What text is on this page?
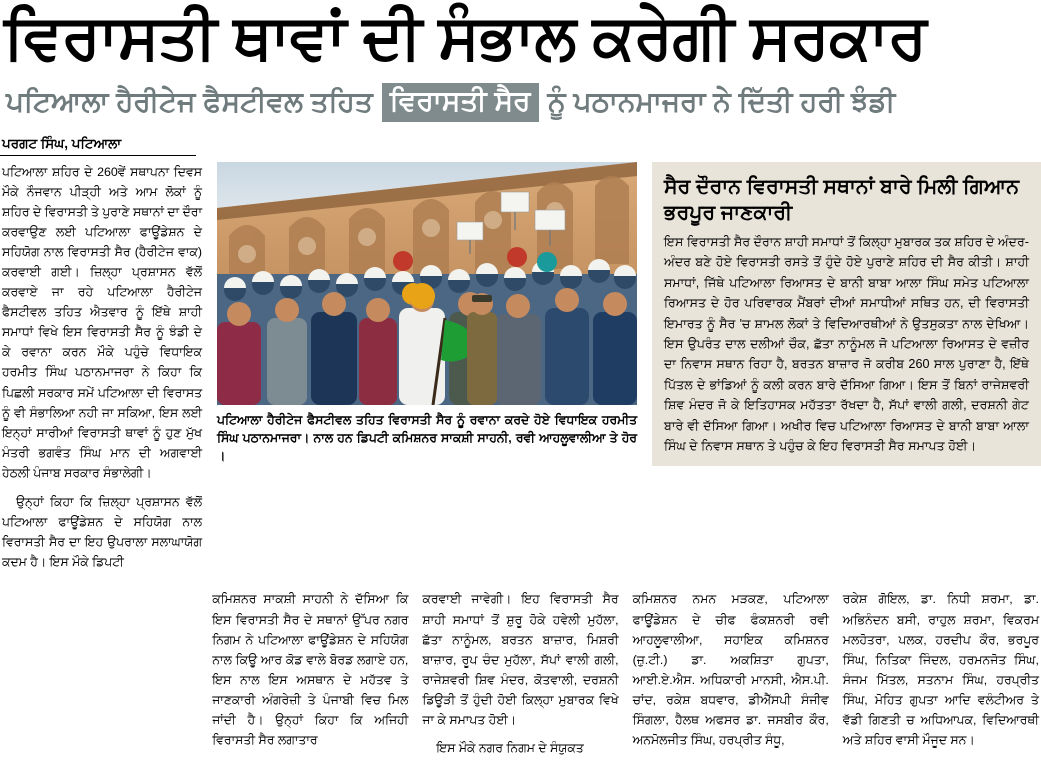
ਵਿਰਾਸਤੀ ਥਾਵਾਂ ਦੀ ਸੰਭਾਲ ਕਰੇਗੀ ਸਰਕਾਰ
ਪਟਿਆਲਾ ਹੈਰੀਟੇਜ ਫੈਸਟੀਵਲ ਤਹਿਤ ਵਿਰਾਸਤੀ ਸੈਰ ਨੂੰ ਪਠਾਨਮਾਜਰਾ ਨੇ ਦਿੱਤੀ ਹਰੀ ਝੰਡੀ
ਪਰਗਟ ਸਿੰਘ, ਪਟਿਆਲਾ

ਪਟਿਆਲਾ ਸ਼ਹਿਰ ਦੇ 260ਵੇਂ ਸਥਾਪਨਾ ਦਿਵਸ ਮੌਕੇ ਨੌਜਵਾਨ ਪੀੜ੍ਹੀ ਅਤੇ ਆਮ ਲੋਕਾਂ ਨੂੰ ਸ਼ਹਿਰ ਦੇ ਵਿਰਾਸਤੀ ਤੇ ਪੁਰਾਣੇ ਸਥਾਨਾਂ ਦਾ ਦੌਰਾ ਕਰਵਾਉਣ ਲਈ ਪਟਿਆਲਾ ਫਾਊਂਡੇਸ਼ਨ ਦੇ ਸਹਿਯੋਗ ਨਾਲ ਵਿਰਾਸਤੀ ਸੈਰ (ਹੈਰੀਟੇਜ ਵਾਕ) ਕਰਵਾਈ ਗਈ। ਜ਼ਿਲ੍ਹਾ ਪ੍ਰਸ਼ਾਸਨ ਵੱਲੋਂ ਕਰਵਾਏ ਜਾ ਰਹੇ ਪਟਿਆਲਾ ਹੈਰੀਟੇਜ ਫੈਸਟੀਵਲ ਤਹਿਤ ਐਤਵਾਰ ਨੂੰ ਇੱਥੇ ਸ਼ਾਹੀ ਸਮਾਧਾਂ ਵਿਖੇ ਇਸ ਵਿਰਾਸਤੀ ਸੈਰ ਨੂੰ ਝੰਡੀ ਦੇ ਕੇ ਰਵਾਨਾ ਕਰਨ ਮੌਕੇ ਪਹੁੰਚੇ ਵਿਧਾਇਕ ਹਰਮੀਤ ਸਿੰਘ ਪਠਾਨਮਾਜਰਾ ਨੇ ਕਿਹਾ ਕਿ ਪਿਛਲੀ ਸਰਕਾਰ ਸਮੇਂ ਪਟਿਆਲਾ ਦੀ ਵਿਰਾਸਤ ਨੂੰ ਵੀ ਸੰਭਾਲਿਆ ਨਹੀ ਜਾ ਸਕਿਆ, ਇਸ ਲਈ ਇਨ੍ਹਾਂ ਸਾਰੀਆਂ ਵਿਰਾਸਤੀ ਥਾਵਾਂ ਨੂੰ ਹੁਣ ਮੁੱਖ ਮੰਤਰੀ ਭਗਵੰਤ ਸਿੰਘ ਮਾਨ ਦੀ ਅਗਵਾਈ ਹੇਠਲੀ ਪੰਜਾਬ ਸਰਕਾਰ ਸੰਭਾਲੇਗੀ।

ਉਨ੍ਹਾਂ ਕਿਹਾ ਕਿ ਜ਼ਿਲ੍ਹਾ ਪ੍ਰਸ਼ਾਸਨ ਵੱਲੋਂ ਪਟਿਆਲਾ ਫਾਊਂਡੇਸ਼ਨ ਦੇ ਸਹਿਯੋਗ ਨਾਲ ਵਿਰਾਸਤੀ ਸੈਰ ਦਾ ਇਹ ਉਪਰਾਲਾ ਸਲਾਘਾਯੋਗ ਕਦਮ ਹੈ। ਇਸ ਮੌਕੇ ਡਿਪਟੀ

ਪਟਿਆਲਾ ਹੈਰੀਟੇਜ ਫੈਸਟੀਵਲ ਤਹਿਤ ਵਿਰਾਸਤੀ ਸੈਰ ਨੂੰ ਰਵਾਨਾ ਕਰਦੇ ਹੋਏ ਵਿਧਾਇਕ ਹਰਮੀਤ ਸਿੰਘ ਪਠਾਨਮਾਜਰਾ। ਨਾਲ ਹਨ ਡਿਪਟੀ ਕਮਿਸ਼ਨਰ ਸਾਕਸ਼ੀ ਸਾਹਨੀ, ਰਵੀ ਆਹਲੂਵਾਲੀਆ ਤੇ ਹੋਰ ।
ਸੈਰ ਦੌਰਾਨ ਵਿਰਾਸਤੀ ਸਥਾਨਾਂ ਬਾਰੇ ਮਿਲੀ ਗਿਆਨ ਭਰਪੂਰ ਜਾਣਕਾਰੀ

ਇਸ ਵਿਰਾਸਤੀ ਸੈਰ ਦੌਰਾਨ ਸ਼ਾਹੀ ਸਮਾਧਾਂ ਤੋਂ ਕਿਲ੍ਹਾ ਮੁਬਾਰਕ ਤਕ ਸ਼ਹਿਰ ਦੇ ਅੰਦਰ-ਅੰਦਰ ਬਣੇ ਹੋਏ ਵਿਰਾਸਤੀ ਰਸਤੇ ਤੋਂ ਹੁੰਦੇ ਹੋਏ ਪੁਰਾਣੇ ਸ਼ਹਿਰ ਦੀ ਸੈਰ ਕੀਤੀ। ਸ਼ਾਹੀ ਸਮਾਧਾਂ, ਜਿੱਥੇ ਪਟਿਆਲਾ ਰਿਆਸਤ ਦੇ ਬਾਨੀ ਬਾਬਾ ਆਲਾ ਸਿੰਘ ਸਮੇਤ ਪਟਿਆਲਾ ਰਿਆਸਤ ਦੇ ਹੋਰ ਪਰਿਵਾਰਕ ਮੈਂਬਰਾਂ ਦੀਆਂ ਸਮਾਧੀਆਂ ਸਥਿਤ ਹਨ, ਦੀ ਵਿਰਾਸਤੀ ਇਮਾਰਤ ਨੂੰ ਸੈਰ 'ਚ ਸ਼ਾਮਲ ਲੋਕਾਂ ਤੇ ਵਿਦਿਆਰਥੀਆਂ ਨੇ ਉਤਸੁਕਤਾ ਨਾਲ ਦੇਖਿਆ। ਇਸ ਉਪਰੰਤ ਦਾਲ ਦਲੀਆਂ ਚੌਕ, ਛੱਤਾ ਨਾਨੂੰਮਲ ਜੋ ਪਟਿਆਲਾ ਰਿਆਸਤ ਦੇ ਵਜ਼ੀਰ ਦਾ ਨਿਵਾਸ ਸਥਾਨ ਰਿਹਾ ਹੈ, ਬਰਤਨ ਬਾਜ਼ਾਰ ਜੋ ਕਰੀਬ 260 ਸਾਲ ਪੁਰਾਣਾ ਹੈ, ਇੱਥੇ ਪਿੱਤਲ ਦੇ ਭਾਂਡਿਆਂ ਨੂੰ ਕਲੀ ਕਰਨ ਬਾਰੇ ਦੱਸਿਆ ਗਿਆ। ਇਸ ਤੋਂ ਬਿਨਾਂ ਰਾਜੇਸ਼ਵਰੀ ਸ਼ਿਵ ਮੰਦਰ ਜੋ ਕੇ ਇਤਿਹਾਸਕ ਮਹੱਤਤਾ ਰੱਖਦਾ ਹੈ, ਸੱਪਾਂ ਵਾਲੀ ਗਲੀ, ਦਰਸ਼ਨੀ ਗੇਟ ਬਾਰੇ ਵੀ ਦੱਸਿਆ ਗਿਆ। ਅਖੀਰ ਵਿਚ ਪਟਿਆਲਾ ਰਿਆਸਤ ਦੇ ਬਾਨੀ ਬਾਬਾ ਆਲਾ ਸਿੰਘ ਦੇ ਨਿਵਾਸ ਸਥਾਨ ਤੇ ਪਹੁੰਚ ਕੇ ਇਹ ਵਿਰਾਸਤੀ ਸੈਰ ਸਮਾਪਤ ਹੋਈ।

ਕਮਿਸ਼ਨਰ ਸਾਕਸ਼ੀ ਸਾਹਨੀ ਨੇ ਦੱਸਿਆ ਕਿ ਇਸ ਵਿਰਾਸਤੀ ਸੈਰ ਦੇ ਸਥਾਨਾਂ ਉੱਪਰ ਨਗਰ ਨਿਗਮ ਨੇ ਪਟਿਆਲਾ ਫਾਊਂਡੇਸ਼ਨ ਦੇ ਸਹਿਯੋਗ ਨਾਲ ਕਿਊ ਆਰ ਕੋਡ ਵਾਲੇ ਬੋਰਡ ਲਗਾਏ ਹਨ, ਇਸ ਨਾਲ ਇਸ ਅਸਥਾਨ ਦੇ ਮਹੱਤਵ ਤੇ ਜਾਣਕਾਰੀ ਅੰਗਰੇਜ਼ੀ ਤੇ ਪੰਜਾਬੀ ਵਿਚ ਮਿਲ ਜਾਂਦੀ ਹੈ। ਉਨ੍ਹਾਂ ਕਿਹਾ ਕਿ ਅਜਿਹੀ ਵਿਰਾਸਤੀ ਸੈਰ ਲਗਾਤਾਰ

ਕਰਵਾਈ ਜਾਵੇਗੀ। ਇਹ ਵਿਰਾਸਤੀ ਸੈਰ ਸ਼ਾਹੀ ਸਮਾਧਾਂ ਤੋਂ ਸ਼ੁਰੂ ਹੋਕੇ ਹਵੇਲੀ ਮੁਹੱਲਾ, ਛੱਤਾ ਨਾਨੂੰਮਲ, ਬਰਤਨ ਬਾਜ਼ਾਰ, ਮਿਸ਼ਰੀ ਬਾਜ਼ਾਰ, ਰੂਪ ਚੰਦ ਮੁਹੱਲਾ, ਸੱਪਾਂ ਵਾਲੀ ਗਲੀ, ਰਾਜੇਸ਼ਵਰੀ ਸ਼ਿਵ ਮੰਦਰ, ਕੋਤਵਾਲੀ, ਦਰਸ਼ਨੀ ਡਿਊੜੀ ਤੋਂ ਹੁੰਦੀ ਹੋਈ ਕਿਲ੍ਹਾ ਮੁਬਾਰਕ ਵਿਖੇ ਜਾ ਕੇ ਸਮਾਪਤ ਹੋਈ।

ਇਸ ਮੌਕੇ ਨਗਰ ਨਿਗਮ ਦੇ ਸੰਯੁਕਤ

ਕਮਿਸ਼ਨਰ ਨਮਨ ਮੜਕਣ, ਪਟਿਆਲਾ ਫਾਊਂਡੇਸ਼ਨ ਦੇ ਚੀਫ ਫੰਕਸ਼ਨਰੀ ਰਵੀ ਆਹਲੂਵਾਲੀਆ, ਸਹਾਇਕ ਕਮਿਸ਼ਨਰ (ਜ਼ੁ.ਟੀ.) ਡਾ. ਅਕਸ਼ਿਤਾ ਗੁਪਤਾ, ਆਈ.ਏ.ਐਸ. ਅਧਿਕਾਰੀ ਮਾਨਸੀ, ਐਸ.ਪੀ. ਚਾਂਦ, ਰਕੇਸ਼ ਬਧਵਾਰ, ਡੀਐੱਸਪੀ ਸੰਜੀਵ ਸਿੰਗਲਾ, ਹੈਲਥ ਅਫਸਰ ਡਾ. ਜਸਬੀਰ ਕੌਰ, ਅਨਮੋਲਜੀਤ ਸਿੰਘ, ਹਰਪ੍ਰੀਤ ਸੰਧੂ,

ਰਕੇਸ਼ ਗੋਇਲ, ਡਾ. ਨਿਧੀ ਸ਼ਰਮਾ, ਡਾ. ਅਭਿਨੰਦਨ ਬਸੀ, ਰਾਹੁਲ ਸ਼ਰਮਾ, ਵਿਕਰਮ ਮਲਹੋਤਰਾ, ਪਲਕ, ਹਰਦੀਪ ਕੌਰ, ਭਰਪੂਰ ਸਿੰਘ, ਨਿਤਿਕਾ ਜਿੰਦਲ, ਹਰਮਨਜੋਤ ਸਿੰਘ, ਸੰਜਮ ਮਿੱਤਲ, ਸਤਨਾਮ ਸਿੰਘ, ਹਰਪ੍ਰੀਤ ਸਿੰਘ, ਮੋਹਿਤ ਗੁਪਤਾ ਆਦਿ ਵਲੰਟੀਅਰ ਤੇ ਵੱਡੀ ਗਿਣਤੀ ਚ ਅਧਿਆਪਕ, ਵਿਦਿਆਰਥੀ ਅਤੇ ਸ਼ਹਿਰ ਵਾਸੀ ਮੌਜੂਦ ਸਨ।
